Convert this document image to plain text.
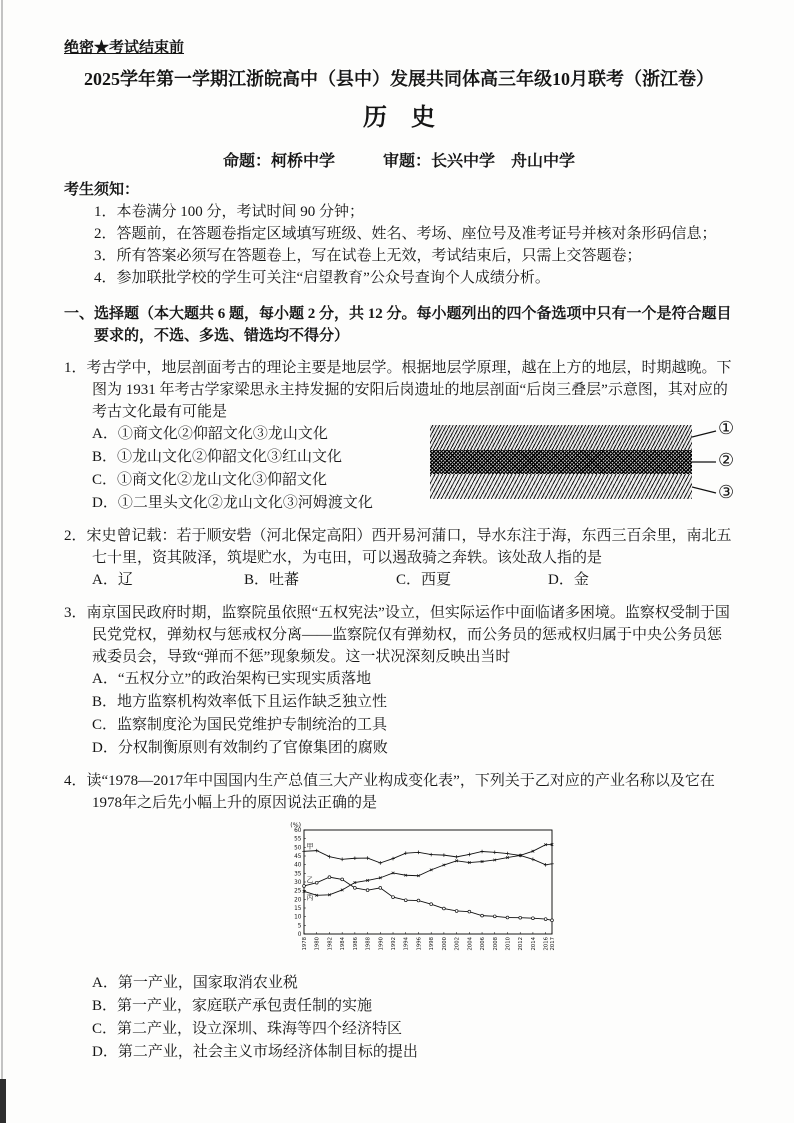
绝密★考试结束前
2025学年第一学期江浙皖高中（县中）发展共同体高三年级10月联考（浙江卷）
历　史
命题：柯桥中学　　　审题：长兴中学　舟山中学
考生须知：
1．本卷满分 100 分，考试时间 90 分钟；
2．答题前，在答题卷指定区域填写班级、姓名、考场、座位号及准考证号并核对条形码信息；
3．所有答案必须写在答题卷上，写在试卷上无效，考试结束后，只需上交答题卷；
4．参加联批学校的学生可关注“启望教育”公众号查询个人成绩分析。
一、选择题（本大题共 6 题，每小题 2 分，共 12 分。每小题列出的四个备选项中只有一个是符合题目要求的，不选、多选、错选均不得分）
1．考古学中，地层剖面考古的理论主要是地层学。根据地层学原理，越在上方的地层，时期越晚。下图为 1931 年考古学家梁思永主持发掘的安阳后岗遗址的地层剖面“后岗三叠层”示意图，其对应的考古文化最有可能是
A．①商文化②仰韶文化③龙山文化
B．①龙山文化②仰韶文化③红山文化
C．①商文化②龙山文化③仰韶文化
D．①二里头文化②龙山文化③河姆渡文化
①
②
③
2．宋史曾记载：若于顺安砦（河北保定高阳）西开易河蒲口，导水东注于海，东西三百余里，南北五七十里，资其陂泽，筑堤贮水，为屯田，可以遏敌骑之奔轶。该处敌人指的是
A．辽	B．吐蕃	C．西夏	D．金
3．南京国民政府时期，监察院虽依照“五权宪法”设立，但实际运作中面临诸多困境。监察权受制于国民党党权，弹劾权与惩戒权分离——监察院仅有弹劾权，而公务员的惩戒权归属于中央公务员惩戒委员会，导致“弹而不惩”现象频发。这一状况深刻反映出当时
A．“五权分立”的政治架构已实现实质落地
B．地方监察机构效率低下且运作缺乏独立性
C．监察制度沦为国民党维护专制统治的工具
D．分权制衡原则有效制约了官僚集团的腐败
4．读“1978—2017年中国国内生产总值三大产业构成变化表”，下列关于乙对应的产业名称以及它在1978年之后先小幅上升的原因说法正确的是
(%)
0
5
10
15
20
25
30
35
40
45
50
55
60
1978 1980 1982 1984 1986 1988 1990 1992 1994 1996 1998 2000 2002 2004 2006 2008 2010 2012 2014 2016 2017
甲
乙
丙
A．第一产业，国家取消农业税
B．第一产业，家庭联产承包责任制的实施
C．第二产业，设立深圳、珠海等四个经济特区
D．第二产业，社会主义市场经济体制目标的提出
